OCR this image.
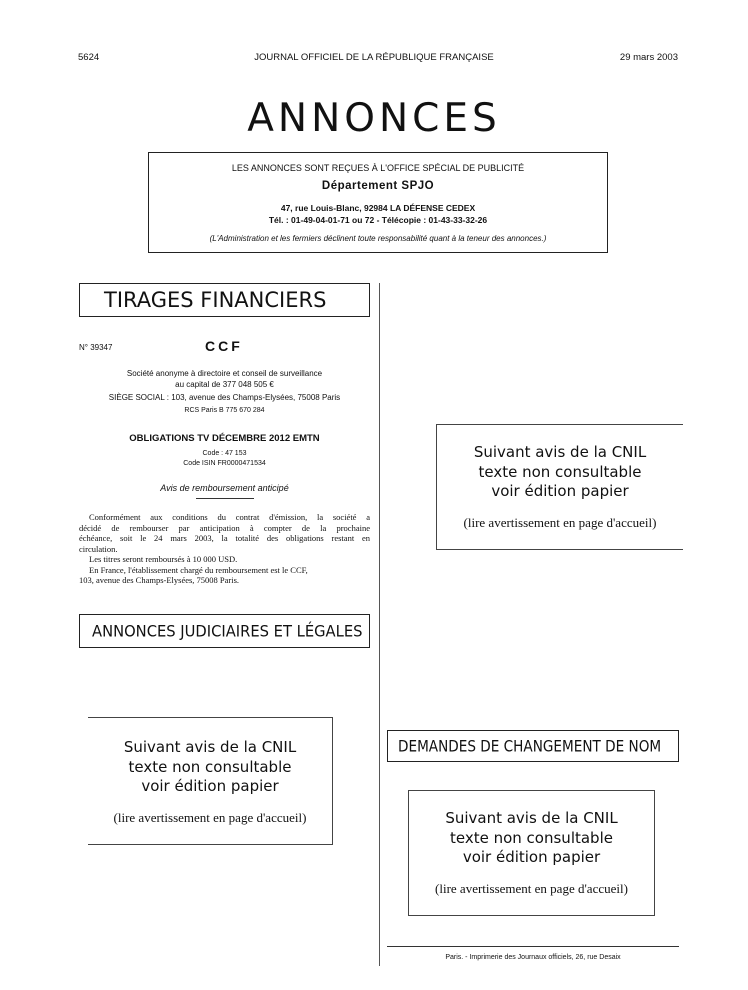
5624	JOURNAL OFFICIEL DE LA RÉPUBLIQUE FRANÇAISE	29 mars 2003
ANNONCES
LES ANNONCES SONT REÇUES À L'OFFICE SPÉCIAL DE PUBLICITÉ
Département SPJO
47, rue Louis-Blanc, 92984 LA DÉFENSE CEDEX
Tél. : 01-49-04-01-71 ou 72 - Télécopie : 01-43-33-32-26
(L'Administration et les fermiers déclinent toute responsabilité quant à la teneur des annonces.)
TIRAGES FINANCIERS
N° 39347	CCF
Société anonyme à directoire et conseil de surveillance
au capital de 377 048 505 €
SIÈGE SOCIAL : 103, avenue des Champs-Elysées, 75008 Paris
RCS Paris B 775 670 284
OBLIGATIONS TV DÉCEMBRE 2012 EMTN
Code : 47 153
Code ISIN FR0000471534
Avis de remboursement anticipé
Conformément aux conditions du contrat d'émission, la société a
décidé de rembourser par anticipation à compter de la prochaine
échéance, soit le 24 mars 2003, la totalité des obligations restant en
circulation.
Les titres seront remboursés à 10 000 USD.
En France, l'établissement chargé du remboursement est le CCF,
103, avenue des Champs-Elysées, 75008 Paris.
ANNONCES JUDICIAIRES ET LÉGALES
Suivant avis de la CNIL
texte non consultable
voir édition papier
(lire avertissement en page d'accueil)
Suivant avis de la CNIL
texte non consultable
voir édition papier
(lire avertissement en page d'accueil)
DEMANDES DE CHANGEMENT DE NOM
Suivant avis de la CNIL
texte non consultable
voir édition papier
(lire avertissement en page d'accueil)
Paris. - Imprimerie des Journaux officiels, 26, rue Desaix
